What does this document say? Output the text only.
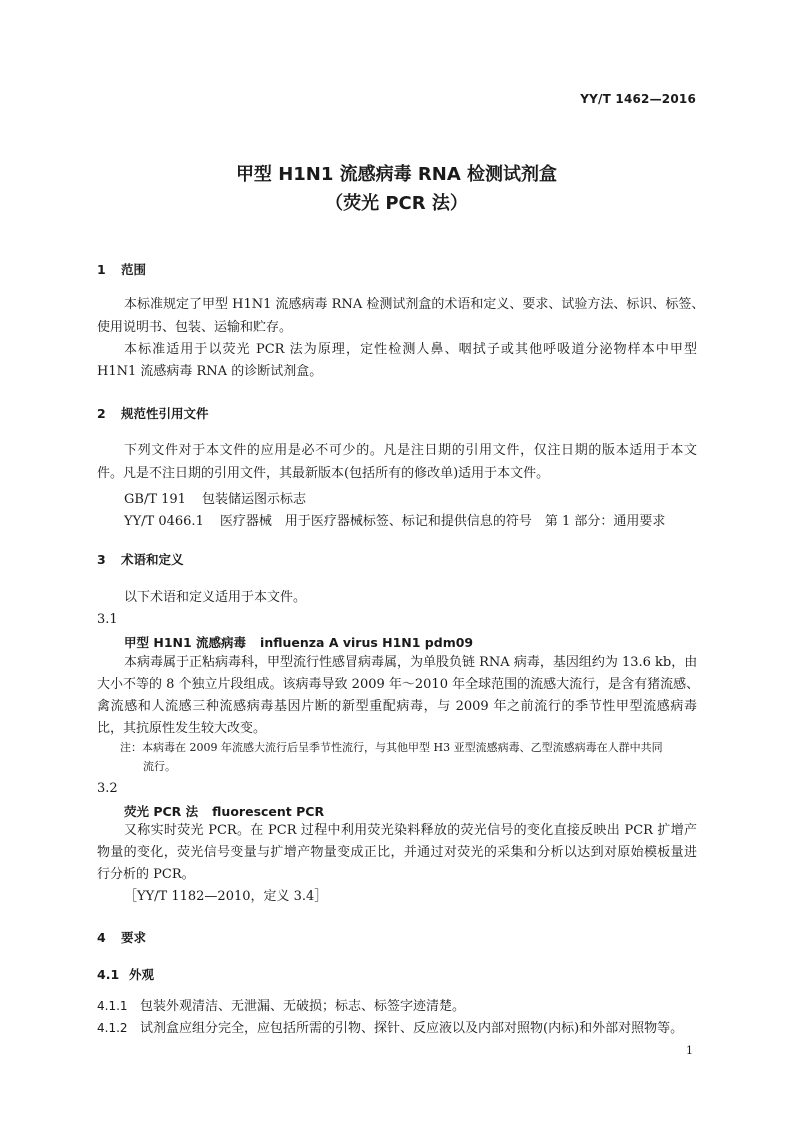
YY/T 1462—2016
甲型 H1N1 流感病毒 RNA 检测试剂盒
（荧光 PCR 法）
1 范围
本标准规定了甲型 H1N1 流感病毒 RNA 检测试剂盒的术语和定义、要求、试验方法、标识、标签、
使用说明书、包装、运输和贮存。
本标准适用于以荧光 PCR 法为原理，定性检测人鼻、咽拭子或其他呼吸道分泌物样本中甲型
H1N1 流感病毒 RNA 的诊断试剂盒。
2 规范性引用文件
下列文件对于本文件的应用是必不可少的。凡是注日期的引用文件，仅注日期的版本适用于本文
件。凡是不注日期的引用文件，其最新版本(包括所有的修改单)适用于本文件。
GB/T 191 包装储运图示标志
YY/T 0466.1 医疗器械　用于医疗器械标签、标记和提供信息的符号　第 1 部分：通用要求
3 术语和定义
以下术语和定义适用于本文件。
3.1
甲型 H1N1 流感病毒 influenza A virus H1N1 pdm09
本病毒属于正粘病毒科，甲型流行性感冒病毒属，为单股负链 RNA 病毒，基因组约为 13.6 kb，由
大小不等的 8 个独立片段组成。该病毒导致 2009 年～2010 年全球范围的流感大流行，是含有猪流感、
禽流感和人流感三种流感病毒基因片断的新型重配病毒，与 2009 年之前流行的季节性甲型流感病毒
比，其抗原性发生较大改变。
注：本病毒在 2009 年流感大流行后呈季节性流行，与其他甲型 H3 亚型流感病毒、乙型流感病毒在人群中共同
流行。
3.2
荧光 PCR 法 fluorescent PCR
又称实时荧光 PCR。在 PCR 过程中利用荧光染料释放的荧光信号的变化直接反映出 PCR 扩增产
物量的变化，荧光信号变量与扩增产物量变成正比，并通过对荧光的采集和分析以达到对原始模板量进
行分析的 PCR。
［YY/T 1182—2010，定义 3.4］
4 要求
4.1 外观
4.1.1 包装外观清洁、无泄漏、无破损；标志、标签字迹清楚。
4.1.2 试剂盒应组分完全，应包括所需的引物、探针、反应液以及内部对照物(内标)和外部对照物等。
1
